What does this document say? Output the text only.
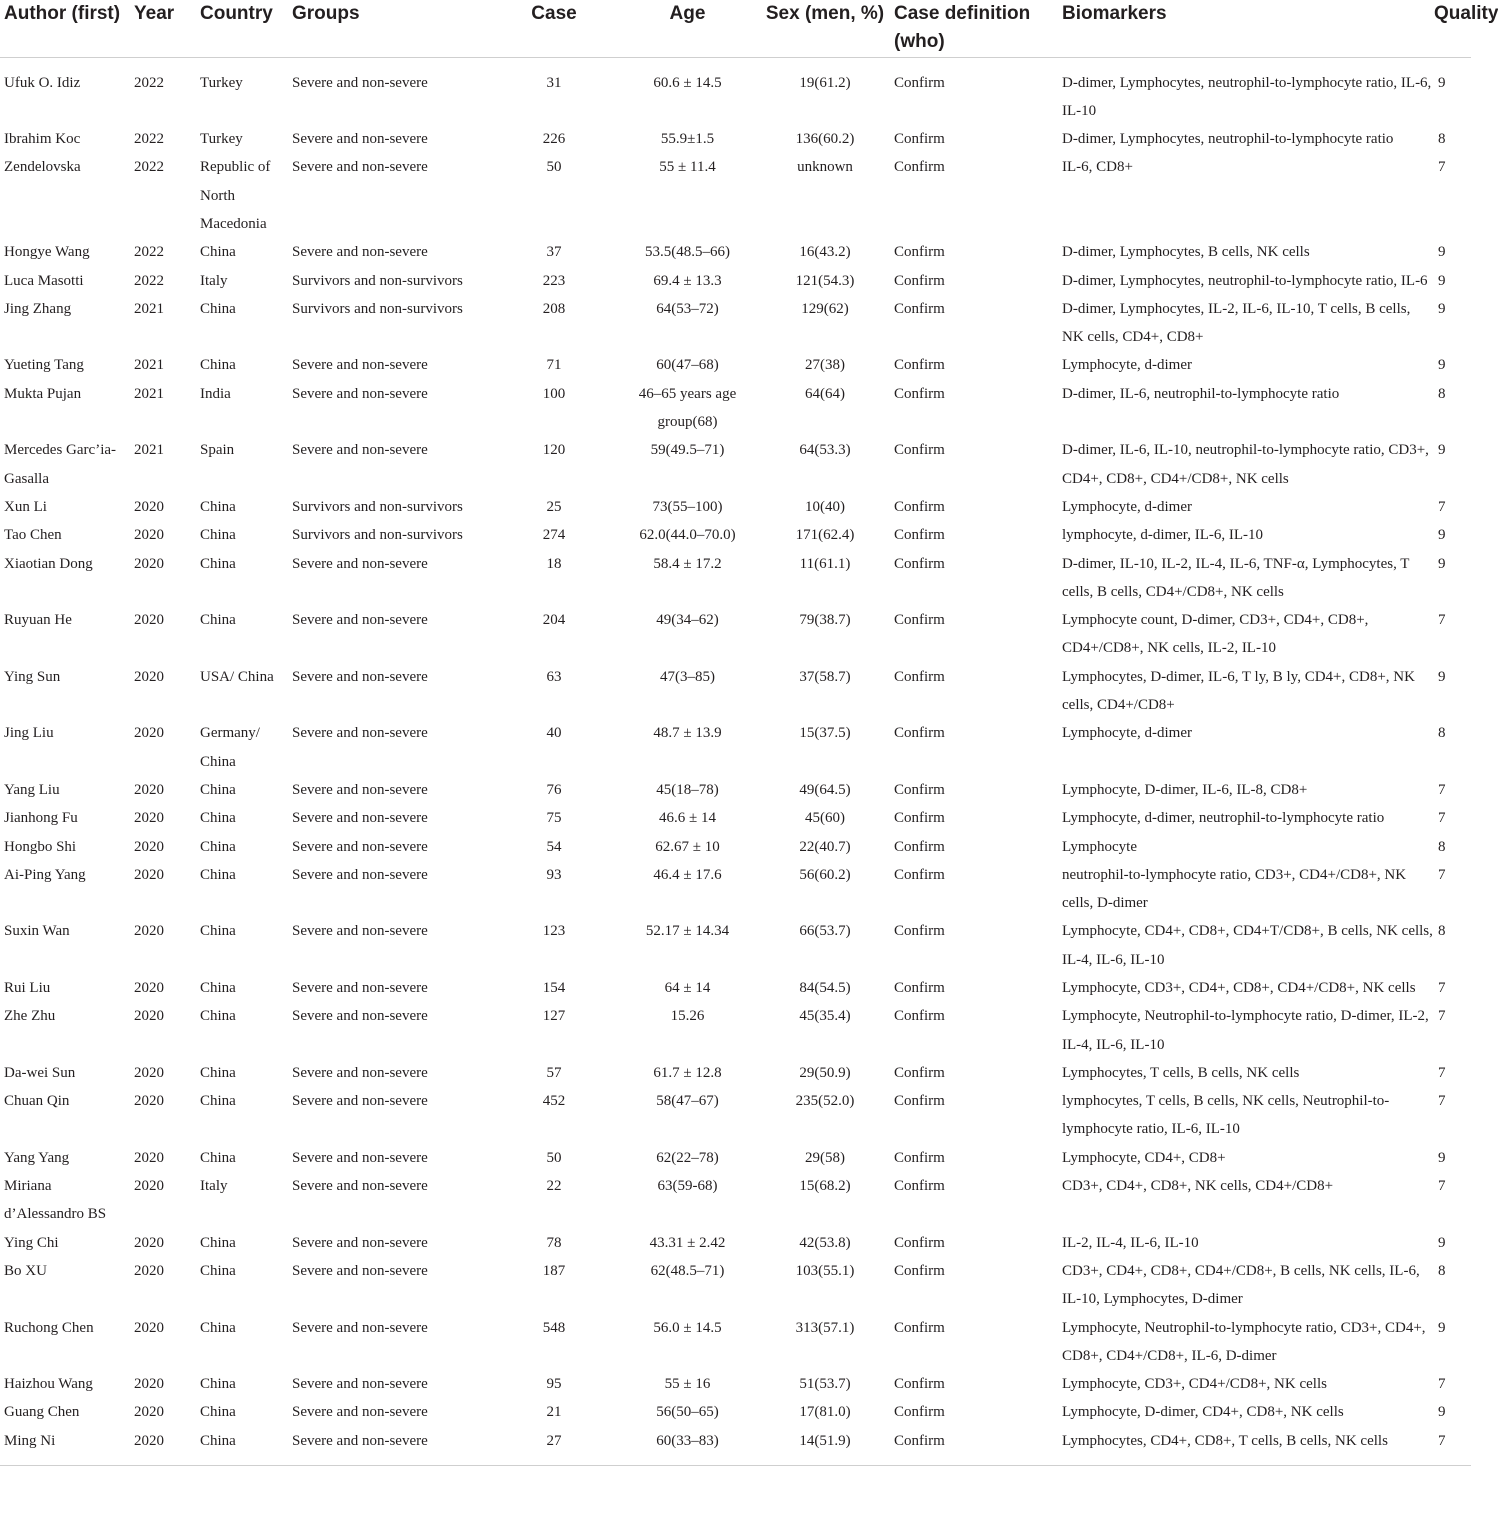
Author (first)	Year	Country	Groups	Case	Age	Sex (men, %)	Case definition (who)	Biomarkers	Quality
Ufuk O. Idiz	2022	Turkey	Severe and non-severe	31	60.6 ± 14.5	19(61.2)	Confirm	D-dimer, Lymphocytes, neutrophil-to-lymphocyte ratio, IL-6, IL-10	9
Ibrahim Koc	2022	Turkey	Severe and non-severe	226	55.9±1.5	136(60.2)	Confirm	D-dimer, Lymphocytes, neutrophil-to-lymphocyte ratio	8
Zendelovska	2022	Republic of North Macedonia	Severe and non-severe	50	55 ± 11.4	unknown	Confirm	IL-6, CD8+	7
Hongye Wang	2022	China	Severe and non-severe	37	53.5(48.5–66)	16(43.2)	Confirm	D-dimer, Lymphocytes, B cells, NK cells	9
Luca Masotti	2022	Italy	Survivors and non-survivors	223	69.4 ± 13.3	121(54.3)	Confirm	D-dimer, Lymphocytes, neutrophil-to-lymphocyte ratio, IL-6	9
Jing Zhang	2021	China	Survivors and non-survivors	208	64(53–72)	129(62)	Confirm	D-dimer, Lymphocytes, IL-2, IL-6, IL-10, T cells, B cells, NK cells, CD4+, CD8+	9
Yueting Tang	2021	China	Severe and non-severe	71	60(47–68)	27(38)	Confirm	Lymphocyte, d-dimer	9
Mukta Pujan	2021	India	Severe and non-severe	100	46–65 years age group(68)	64(64)	Confirm	D-dimer, IL-6, neutrophil-to-lymphocyte ratio	8
Mercedes Garc’ia-Gasalla	2021	Spain	Severe and non-severe	120	59(49.5–71)	64(53.3)	Confirm	D-dimer, IL-6, IL-10, neutrophil-to-lymphocyte ratio, CD3+, CD4+, CD8+, CD4+/CD8+, NK cells	9
Xun Li	2020	China	Survivors and non-survivors	25	73(55–100)	10(40)	Confirm	Lymphocyte, d-dimer	7
Tao Chen	2020	China	Survivors and non-survivors	274	62.0(44.0–70.0)	171(62.4)	Confirm	lymphocyte, d-dimer, IL-6, IL-10	9
Xiaotian Dong	2020	China	Severe and non-severe	18	58.4 ± 17.2	11(61.1)	Confirm	D-dimer, IL-10, IL-2, IL-4, IL-6, TNF-α, Lymphocytes, T cells, B cells, CD4+/CD8+, NK cells	9
Ruyuan He	2020	China	Severe and non-severe	204	49(34–62)	79(38.7)	Confirm	Lymphocyte count, D-dimer, CD3+, CD4+, CD8+, CD4+/CD8+, NK cells, IL-2, IL-10	7
Ying Sun	2020	USA/ China	Severe and non-severe	63	47(3–85)	37(58.7)	Confirm	Lymphocytes, D-dimer, IL-6, T ly, B ly, CD4+, CD8+, NK cells, CD4+/CD8+	9
Jing Liu	2020	Germany/ China	Severe and non-severe	40	48.7 ± 13.9	15(37.5)	Confirm	Lymphocyte, d-dimer	8
Yang Liu	2020	China	Severe and non-severe	76	45(18–78)	49(64.5)	Confirm	Lymphocyte, D-dimer, IL-6, IL-8, CD8+	7
Jianhong Fu	2020	China	Severe and non-severe	75	46.6 ± 14	45(60)	Confirm	Lymphocyte, d-dimer, neutrophil-to-lymphocyte ratio	7
Hongbo Shi	2020	China	Severe and non-severe	54	62.67 ± 10	22(40.7)	Confirm	Lymphocyte	8
Ai-Ping Yang	2020	China	Severe and non-severe	93	46.4 ± 17.6	56(60.2)	Confirm	neutrophil-to-lymphocyte ratio, CD3+, CD4+/CD8+, NK cells, D-dimer	7
Suxin Wan	2020	China	Severe and non-severe	123	52.17 ± 14.34	66(53.7)	Confirm	Lymphocyte, CD4+, CD8+, CD4+T/CD8+, B cells, NK cells, IL-4, IL-6, IL-10	8
Rui Liu	2020	China	Severe and non-severe	154	64 ± 14	84(54.5)	Confirm	Lymphocyte, CD3+, CD4+, CD8+, CD4+/CD8+, NK cells	7
Zhe Zhu	2020	China	Severe and non-severe	127	15.26	45(35.4)	Confirm	Lymphocyte, Neutrophil-to-lymphocyte ratio, D-dimer, IL-2, IL-4, IL-6, IL-10	7
Da-wei Sun	2020	China	Severe and non-severe	57	61.7 ± 12.8	29(50.9)	Confirm	Lymphocytes, T cells, B cells, NK cells	7
Chuan Qin	2020	China	Severe and non-severe	452	58(47–67)	235(52.0)	Confirm	lymphocytes, T cells, B cells, NK cells, Neutrophil-to-lymphocyte ratio, IL-6, IL-10	7
Yang Yang	2020	China	Severe and non-severe	50	62(22–78)	29(58)	Confirm	Lymphocyte, CD4+, CD8+	9
Miriana d’Alessandro BS	2020	Italy	Severe and non-severe	22	63(59-68)	15(68.2)	Confirm	CD3+, CD4+, CD8+, NK cells, CD4+/CD8+	7
Ying Chi	2020	China	Severe and non-severe	78	43.31 ± 2.42	42(53.8)	Confirm	IL-2, IL-4, IL-6, IL-10	9
Bo XU	2020	China	Severe and non-severe	187	62(48.5–71)	103(55.1)	Confirm	CD3+, CD4+, CD8+, CD4+/CD8+, B cells, NK cells, IL-6, IL-10, Lymphocytes, D-dimer	8
Ruchong Chen	2020	China	Severe and non-severe	548	56.0 ± 14.5	313(57.1)	Confirm	Lymphocyte, Neutrophil-to-lymphocyte ratio, CD3+, CD4+, CD8+, CD4+/CD8+, IL-6, D-dimer	9
Haizhou Wang	2020	China	Severe and non-severe	95	55 ± 16	51(53.7)	Confirm	Lymphocyte, CD3+, CD4+/CD8+, NK cells	7
Guang Chen	2020	China	Severe and non-severe	21	56(50–65)	17(81.0)	Confirm	Lymphocyte, D-dimer, CD4+, CD8+, NK cells	9
Ming Ni	2020	China	Severe and non-severe	27	60(33–83)	14(51.9)	Confirm	Lymphocytes, CD4+, CD8+, T cells, B cells, NK cells	7
